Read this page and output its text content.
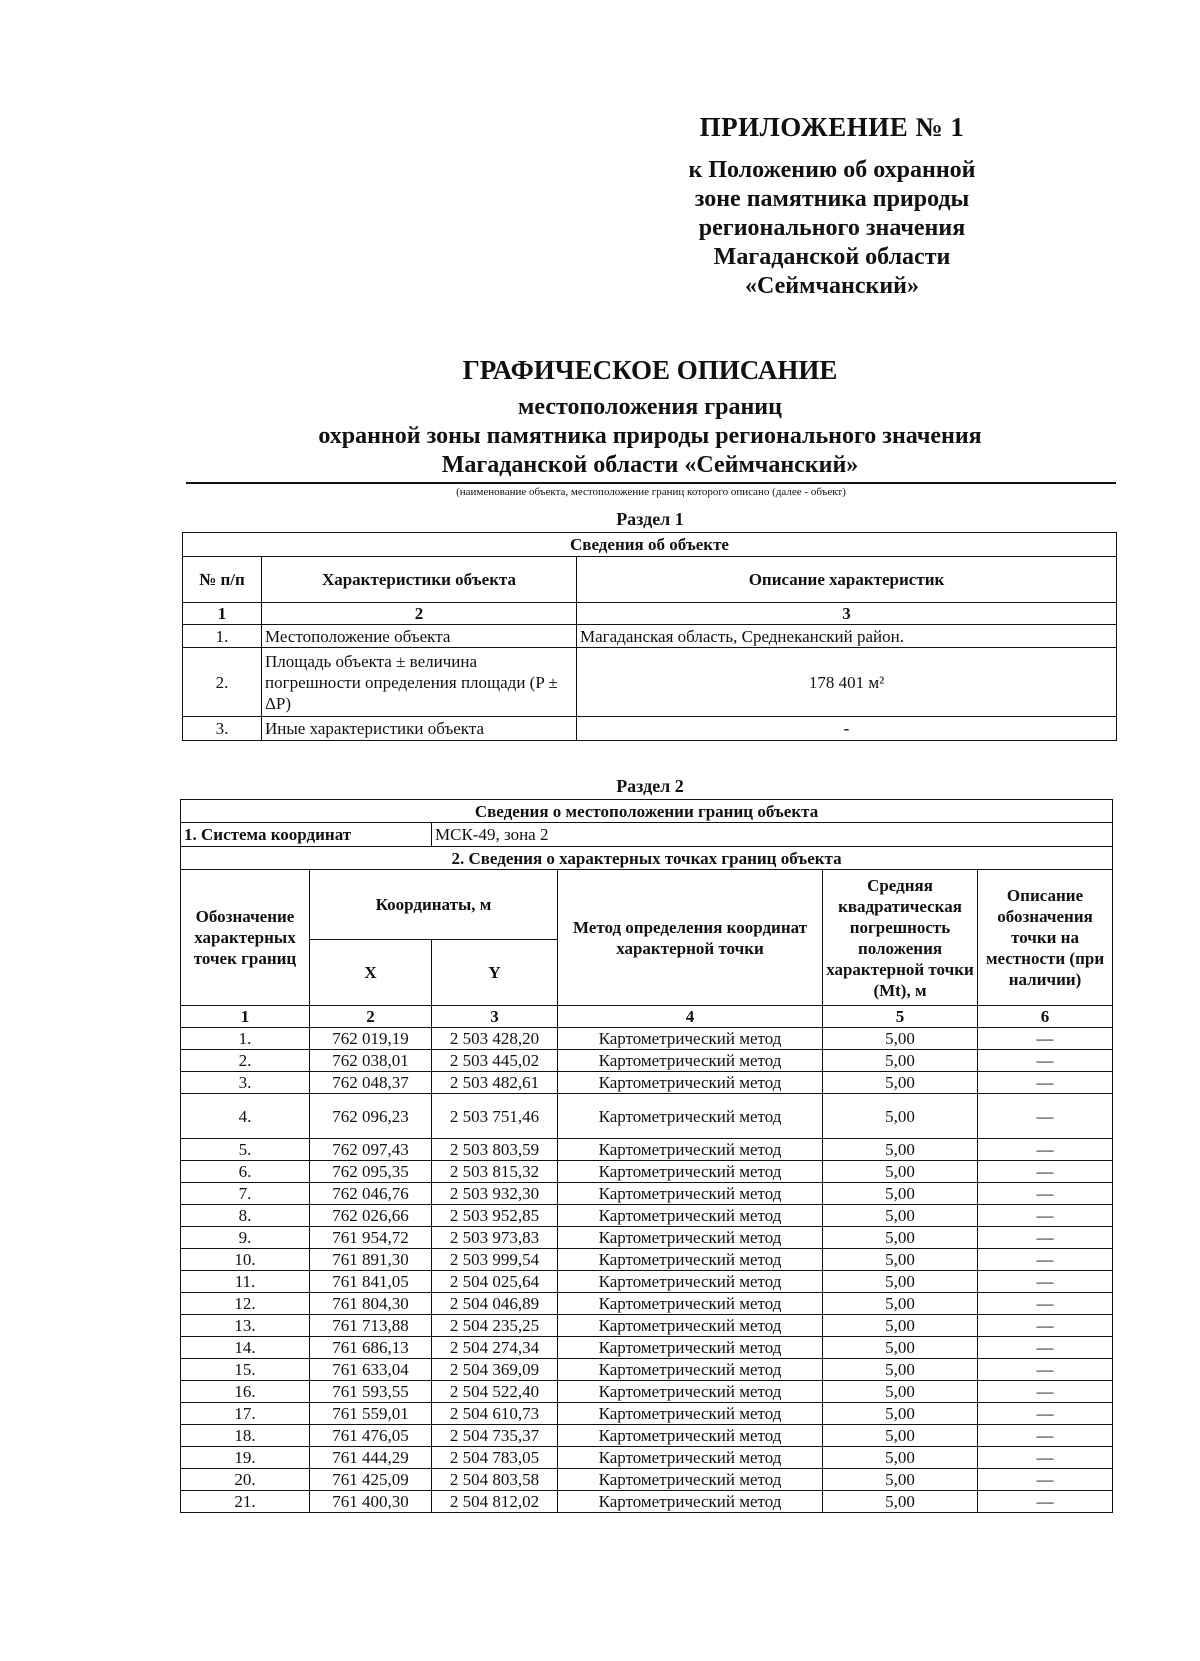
ПРИЛОЖЕНИЕ № 1
к Положению об охранной
зоне памятника природы
регионального значения
Магаданской области
«Сеймчанский»
ГРАФИЧЕСКОЕ ОПИСАНИЕ
местоположения границ
охранной зоны памятника природы регионального значения
Магаданской области «Сеймчанский»
(наименование объекта, местоположение границ которого описано (далее - объект)
Раздел 1
Сведения об объекте		
№ п/п	Характеристики объекта	Описание характеристик
1	2	3
1.	Местоположение объекта	Магаданская область, Среднеканский район.
2.	Площадь объекта ± величина погрешности определения площади (P ± ΔP)	178 401 м²
3.	Иные характеристики объекта	-
Раздел 2
Сведения о местоположении границ объекта					
1. Система координат		МСК-49, зона 2			
2. Сведения о характерных точках границ объекта					
Обозначение характерных точек границ	Координаты, м		Метод определения координат характерной точки	Средняя квадратическая погрешность положения характерной точки (Mt), м	Описание обозначения точки на местности (при наличии)
	X	Y			
1	2	3	4	5	6
1.	762 019,19	2 503 428,20	Картометрический метод	5,00	—
2.	762 038,01	2 503 445,02	Картометрический метод	5,00	—
3.	762 048,37	2 503 482,61	Картометрический метод	5,00	—
4.	762 096,23	2 503 751,46	Картометрический метод	5,00	—
5.	762 097,43	2 503 803,59	Картометрический метод	5,00	—
6.	762 095,35	2 503 815,32	Картометрический метод	5,00	—
7.	762 046,76	2 503 932,30	Картометрический метод	5,00	—
8.	762 026,66	2 503 952,85	Картометрический метод	5,00	—
9.	761 954,72	2 503 973,83	Картометрический метод	5,00	—
10.	761 891,30	2 503 999,54	Картометрический метод	5,00	—
11.	761 841,05	2 504 025,64	Картометрический метод	5,00	—
12.	761 804,30	2 504 046,89	Картометрический метод	5,00	—
13.	761 713,88	2 504 235,25	Картометрический метод	5,00	—
14.	761 686,13	2 504 274,34	Картометрический метод	5,00	—
15.	761 633,04	2 504 369,09	Картометрический метод	5,00	—
16.	761 593,55	2 504 522,40	Картометрический метод	5,00	—
17.	761 559,01	2 504 610,73	Картометрический метод	5,00	—
18.	761 476,05	2 504 735,37	Картометрический метод	5,00	—
19.	761 444,29	2 504 783,05	Картометрический метод	5,00	—
20.	761 425,09	2 504 803,58	Картометрический метод	5,00	—
21.	761 400,30	2 504 812,02	Картометрический метод	5,00	—
